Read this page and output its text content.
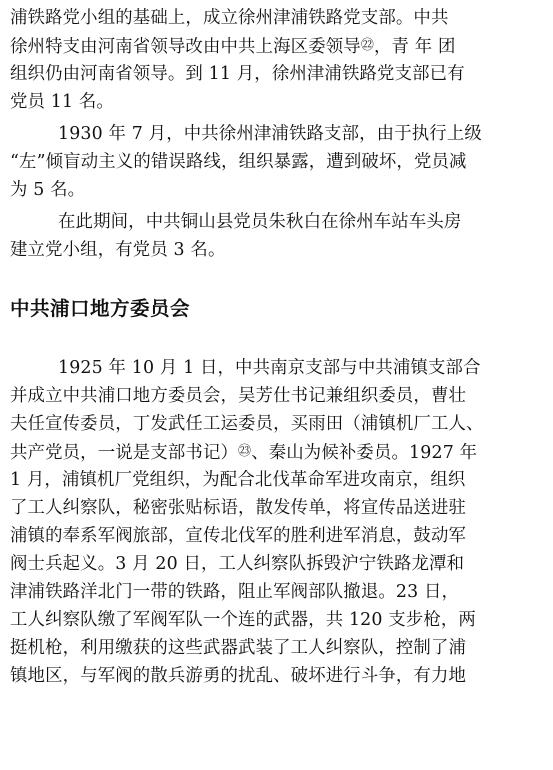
浦铁路党小组的基础上，成立徐州津浦铁路党支部。中共
徐州特支由河南省领导改由中共上海区委领导㉒，青 年 团
组织仍由河南省领导。到 11 月，徐州津浦铁路党支部已有
党员 11 名。
1930 年 7 月，中共徐州津浦铁路支部，由于执行上级
“左”倾盲动主义的错误路线，组织暴露，遭到破坏，党员减
为 5 名。
在此期间，中共铜山县党员朱秋白在徐州车站车头房
建立党小组，有党员 3 名。
中共浦口地方委员会
1925 年 10 月 1 日，中共南京支部与中共浦镇支部合
并成立中共浦口地方委员会，吴芳仕书记兼组织委员，曹壮
夫任宣传委员，丁发武任工运委员，买雨田（浦镇机厂工人、
共产党员，一说是支部书记）㉓、秦山为候补委员。1927 年
1 月，浦镇机厂党组织，为配合北伐革命军进攻南京，组织
了工人纠察队，秘密张贴标语，散发传单，将宣传品送进驻
浦镇的奉系军阀旅部，宣传北伐军的胜利进军消息，鼓动军
阀士兵起义。3 月 20 日，工人纠察队拆毁沪宁铁路龙潭和
津浦铁路洋北门一带的铁路，阻止军阀部队撤退。23 日，
工人纠察队缴了军阀军队一个连的武器，共 120 支步枪，两
挺机枪，利用缴获的这些武器武装了工人纠察队，控制了浦
镇地区，与军阀的散兵游勇的扰乱、破坏进行斗争，有力地
